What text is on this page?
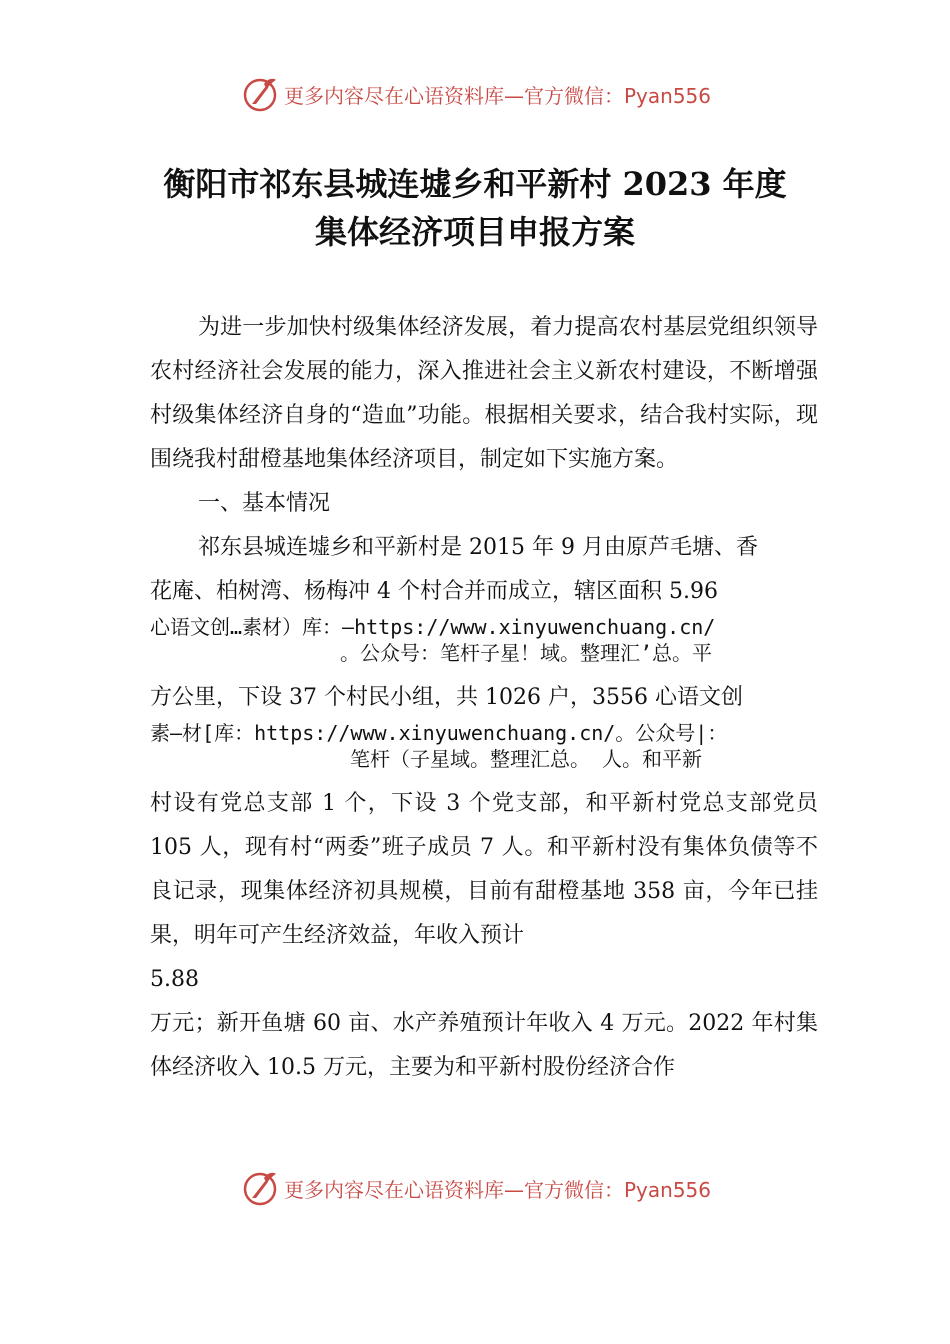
更多内容尽在心语资料库—官方微信：Pyan556
衡阳市祁东县城连墟乡和平新村 2023 年度
集体经济项目申报方案

为进一步加快村级集体经济发展，着力提高农村基层党组织领导农村经济社会发展的能力，深入推进社会主义新农村建设，不断增强村级集体经济自身的“造血”功能。根据相关要求，结合我村实际，现围绕我村甜橙基地集体经济项目，制定如下实施方案。

一、基本情况

祁东县城连墟乡和平新村是 2015 年 9 月由原芦毛塘、香

花庵、柏树湾、杨梅冲 4 个村合并而成立，辖区面积 5.96

心语文创…素材）库：—https://www.xinyuwenchuang.cn/
。公众号：笔杆子星！域。整理汇’总。平

方公里，下设 37 个村民小组，共 1026 户，3556 心语文创

素—材[库：https://www.xinyuwenchuang.cn/。公众号|：
笔杆（子星域。整理汇总。 人。和平新

村设有党总支部 1 个，下设 3 个党支部，和平新村党总支部党员 105 人，现有村“两委”班子成员 7 人。和平新村没有集体负债等不良记录，现集体经济初具规模，目前有甜橙基地 358 亩，今年已挂果，明年可产生经济效益，年收入预计

5.88

万元；新开鱼塘 60 亩、水产养殖预计年收入 4 万元。2022 年村集体经济收入 10.5 万元，主要为和平新村股份经济合作

更多内容尽在心语资料库—官方微信：Pyan556
